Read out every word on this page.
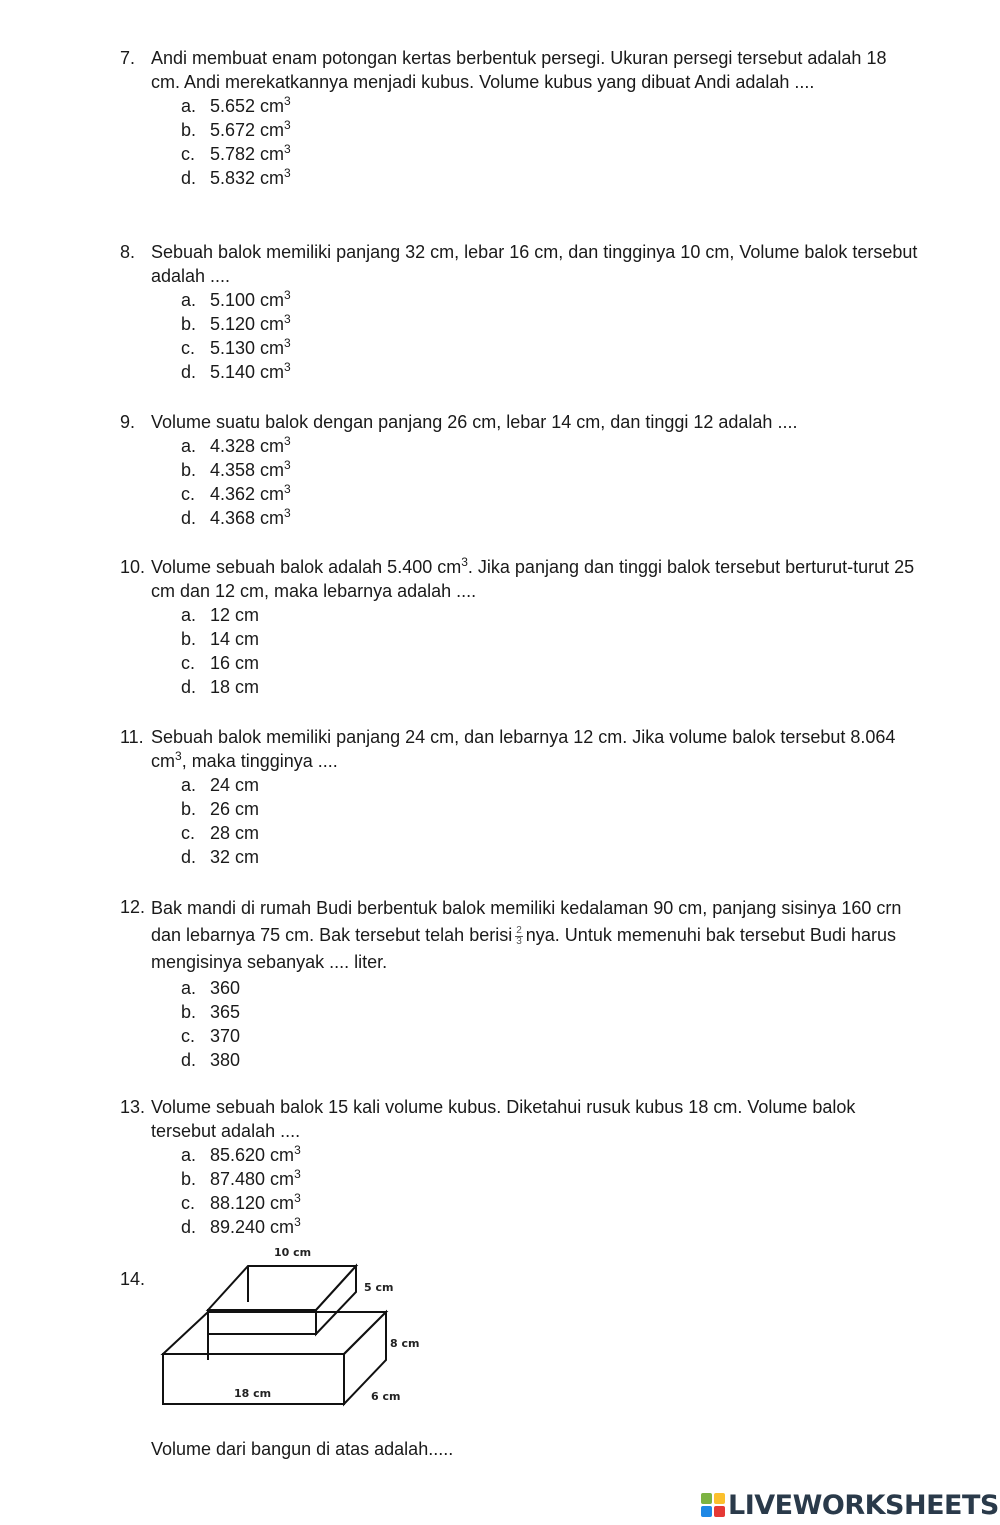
7. Andi membuat enam potongan kertas berbentuk persegi. Ukuran persegi tersebut adalah 18 cm. Andi merekatkannya menjadi kubus. Volume kubus yang dibuat Andi adalah ....
a. 5.652 $cm^3$
b. 5.672 $cm^3$
c. 5.782 $cm^3$
d. 5.832 $cm^3$
8. Sebuah balok memiliki panjang 32 cm, lebar 16 cm, dan tingginya 10 cm, Volume balok tersebut adalah ....
a. 5.100 $cm^3$
b. 5.120 $cm^3$
c. 5.130 $cm^3$
d. 5.140 $cm^3$
9. Volume suatu balok dengan panjang 26 cm, lebar 14 cm, dan tinggi 12 adalah ....
a. 4.328 $cm^3$
b. 4.358 $cm^3$
c. 4.362 $cm^3$
d. 4.368 $cm^3$
10. Volume sebuah balok adalah 5.400 $cm^3$. Jika panjang dan tinggi balok tersebut berturut-turut 25 cm dan 12 cm, maka lebarnya adalah ....
a. 12 cm
b. 14 cm
c. 16 cm
d. 18 cm
11. Sebuah balok memiliki panjang 24 cm, dan lebarnya 12 cm. Jika volume balok tersebut 8.064 $cm^3$, maka tingginya ....
a. 24 cm
b. 26 cm
c. 28 cm
d. 32 cm
12. Bak mandi di rumah Budi berbentuk balok memiliki kedalaman 90 cm, panjang sisinya 160 crn dan lebarnya 75 cm. Bak tersebut telah berisi $\frac{2}{3}$ nya. Untuk memenuhi bak tersebut Budi harus mengisinya sebanyak .... liter.
a. 360
b. 365
c. 370
d. 380
13. Volume sebuah balok 15 kali volume kubus. Diketahui rusuk kubus 18 cm. Volume balok tersebut adalah ....
a. 85.620 $cm^3$
b. 87.480 $cm^3$
c. 88.120 $cm^3$
d. 89.240 $cm^3$
14.
10 cm
5 cm
8 cm
18 cm	6 cm
Volume dari bangun di atas adalah.....
LIVEWORKSHEETS
